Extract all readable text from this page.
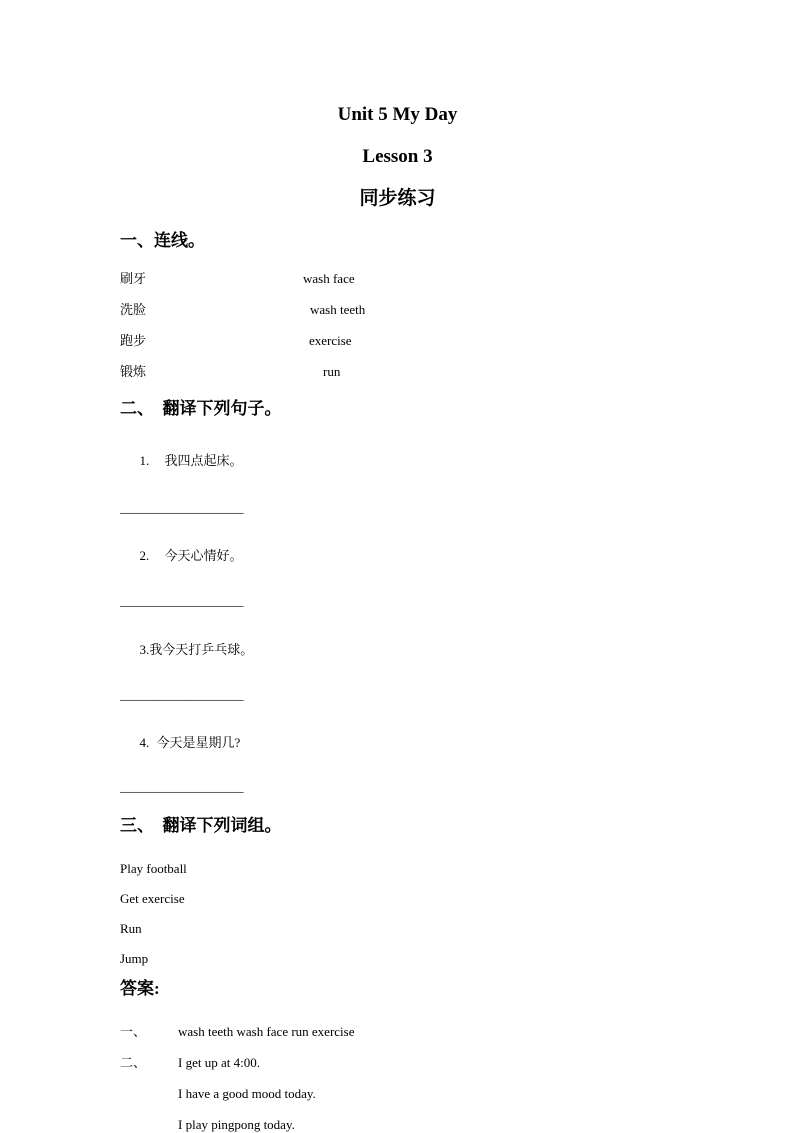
Unit 5 My Day
Lesson 3
同步练习
一、连线。
刷牙	wash face
洗脸	wash teeth
跑步	exercise
锻炼	run
二、  翻译下列句子。

1. 我四点起床。

___________________

2. 今天心情好。

___________________

3.我今天打乒乓球。

___________________

4. 今天是星期几?

___________________
三、  翻译下列词组。
Play football
Get exercise
Run
Jump
答案:
一、	wash teeth wash face run exercise
二、	I get up at 4:00.
I have a good mood today.
I play pingpong today.
